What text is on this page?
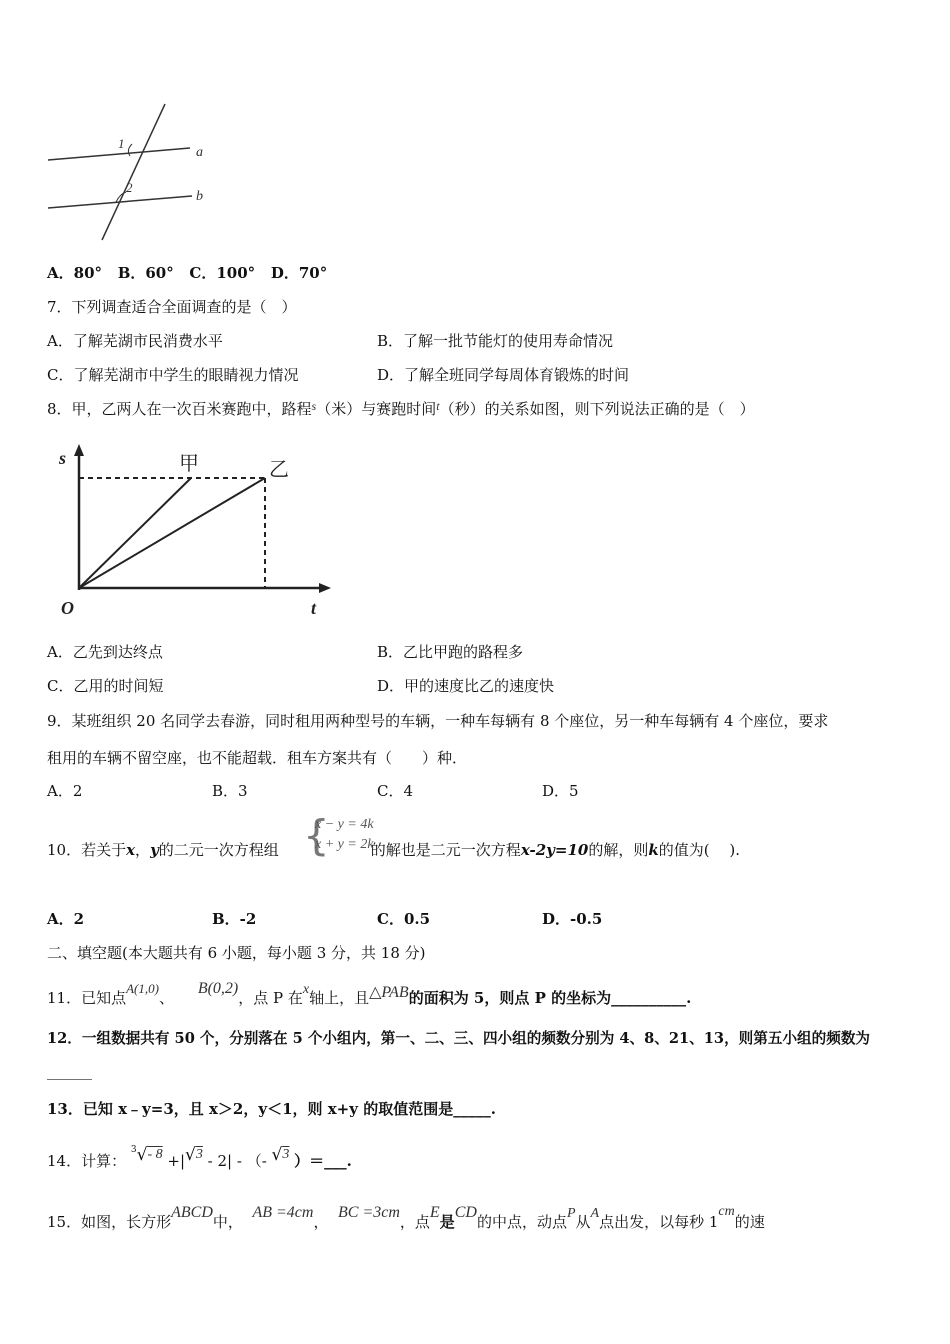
1
2
a
b
A．80° B．60° C．100° D．70°
7．下列调查适合全面调查的是（　）
A．了解芜湖市民消费水平	B．了解一批节能灯的使用寿命情况
C．了解芜湖市中学生的眼睛视力情况	D．了解全班同学每周体育锻炼的时间
8．甲，乙两人在一次百米赛跑中，路程$^s$（米）与赛跑时间$^t$（秒）的关系如图，则下列说法正确的是（　）
s
t
O
甲	乙
A．乙先到达终点	B．乙比甲跑的路程多
C．乙用的时间短	D．甲的速度比乙的速度快
9．某班组织 20 名同学去春游，同时租用两种型号的车辆，一种车每辆有 8 个座位，另一种车每辆有 4 个座位，要求
租用的车辆不留空座，也不能超载．租车方案共有（　　）种．
A．2	B．3	C．4	D．5
10．若关于x，y的二元一次方程组	的解也是二元一次方程x-2y=10的解，则k的值为(　 ).
{
x − y = 4k
x + y = 2k
A．2	B．-2	C．0.5	D．-0.5
二、填空题(本大题共有 6 小题，每小题 3 分，共 18 分)
11．已知点A(1,0)、     B(0,2)，点 P 在x轴上，且△PAB的面积为 5，则点 P 的坐标为__________.
12．一组数据共有 50 个，分别落在 5 个小组内，第一、二、三、四小组的频数分别为 4、8、21、13，则第五小组的频数为
______
13．已知 x﹣y=3，且 x＞2，y＜1，则 x+y 的取值范围是_____.
14．计算： $^3$√- 8 +|√3 - 2| - （- √3 ）＝___.
15．如图，长方形ABCD中，  AB =4cm，  BC =3cm，点E是CD的中点，动点P从A点出发，以每秒 1cm的速
